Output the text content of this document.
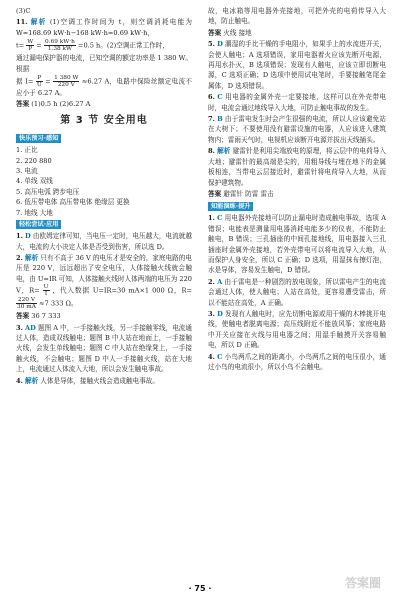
(3)C

11. 解析 (1)空调工作时间为 t，则空调消耗电能为 W=168.69 kW·h−168 kW·h=0.69 kW·h，

$t= \frac{W}{P} = \frac{0.69 kW\cdot h}{1.38 kW} =0.5$ h。(2)空调正常工作时，

通过漏电保护器的电流，已知空调的额定功率是 1 380 W。根据

据 $I= \frac{P}{U} = \frac{1 380 W}{220 V} \approx 6.27$ A，电路中保险丝额定电流不应小于 6.27 A。

答案 (1)0.5 h (2)6.27 A

第 3 节 安全用电
快乐预习·感知

1. 正比

2. 220 880

3. 电流

4. 单线 双线

5. 高压电弧 跨步电压

6. 低压带电体 高压带电体 绝缘层 更换

7. 地线 大地

轻松尝试·应用

1. D 由欧姆定律可知，当电压一定时，电压越大，电流就越大，电流的大小决定人体是否受到伤害，所以选 D。

2. 解析 只有不高于 36 V 的电压才是安全的，家庭电路的电压是 220 V，远远超出了安全电压，人体接触火线就会触电，由 U=IR 可知，人体接触火线时人体两端的电压为 220 V，$R= \frac{U}{I}$ ，代入数据 U=IR=30 mA×1 000 Ω，R=
$\frac{220 V}{30 mA} \approx 7$ 333 Ω。

答案 36 7 333

3. AD 题图 A 中，一手接触火线，另一手接触零线，电流通过人体，造成双线触电；题图 B 中人站在地面上，一手接触火线，会发生单线触电；题图 C 中人站在绝缘凳上，一手接触火线，不会触电；题图 D 中人一手接触火线，站在大地上，电流通过人体流入大地，所以会发生触电事故。

4. 解析 人体是导体，接触火线会造成触电事故。

故，电冰箱等用电器外壳接地，可把外壳的电荷传导入大地，防止触电。

答案 火线 接地

5. D 潮湿的手比干燥的手电阻小，如果手上的水流进开关，会使人触电；A 选项错误，家用电器着火应该先断开电源，再用水扑灭，B 选项错误；发现有人触电，应该立即切断电源，C 选项正确；D 选项中使用试电笔时，手要接触笔尾金属体，D 选项错误。

6. C 用电器的金属外壳一定要接地，这样可以在外壳带电时，电流会通过地线导入大地，可防止触电事故的发生。

7. B 由于雷电发生时会产生很强的电流，所以人应该避免站在大树下；不要使用没有避雷设施的电器，人应该进入建筑物内；雷雨天气时，电视机应该断开电源并拔出天线插头。

8. 解析 避雷针是利用尖端放电的原理，将云层中的电荷导入大地；避雷针的最高端是尖的，用粗导线与埋在地下的金属板相连，当带电云层接近时，避雷针将电荷导入大地，从而保护建筑物。

答案 避雷针 防雷 雷击

知能演练·提升

1. C 用电器外壳接地可以防止漏电时造成触电事故，选项 A 错误；电能表是测量用电器消耗电能多少的仪表，不能防止触电，B 错误；三孔插座的中间孔接地线，用电器接入三孔插座时金属外壳接地，若外壳带电可以将电流导入大地，从而保护人身安全，所以 C 正确；D 选项，用湿抹布擦灯泡，水是导体，容易发生触电，D 错误。

2. A 由于雷电是一种剧烈的放电现象，所以雷电产生的电流会通过人体，使人触电；人站在高处，更容易遭受雷击，所以不能站在高处，A 正确。

3. D 发现有人触电时，应先切断电源或用干燥的木棒挑开电线，使触电者脱离电源；高压线附近不能放风筝；家庭电路中开关应接在火线与用电器之间；用湿手触摸开关容易触电，所以 D 正确。

4. C 小鸟两爪之间的距离小，小鸟两爪之间的电压很小，通过小鸟的电流很小，所以小鸟不会触电。

· 75 ·	答案圈
